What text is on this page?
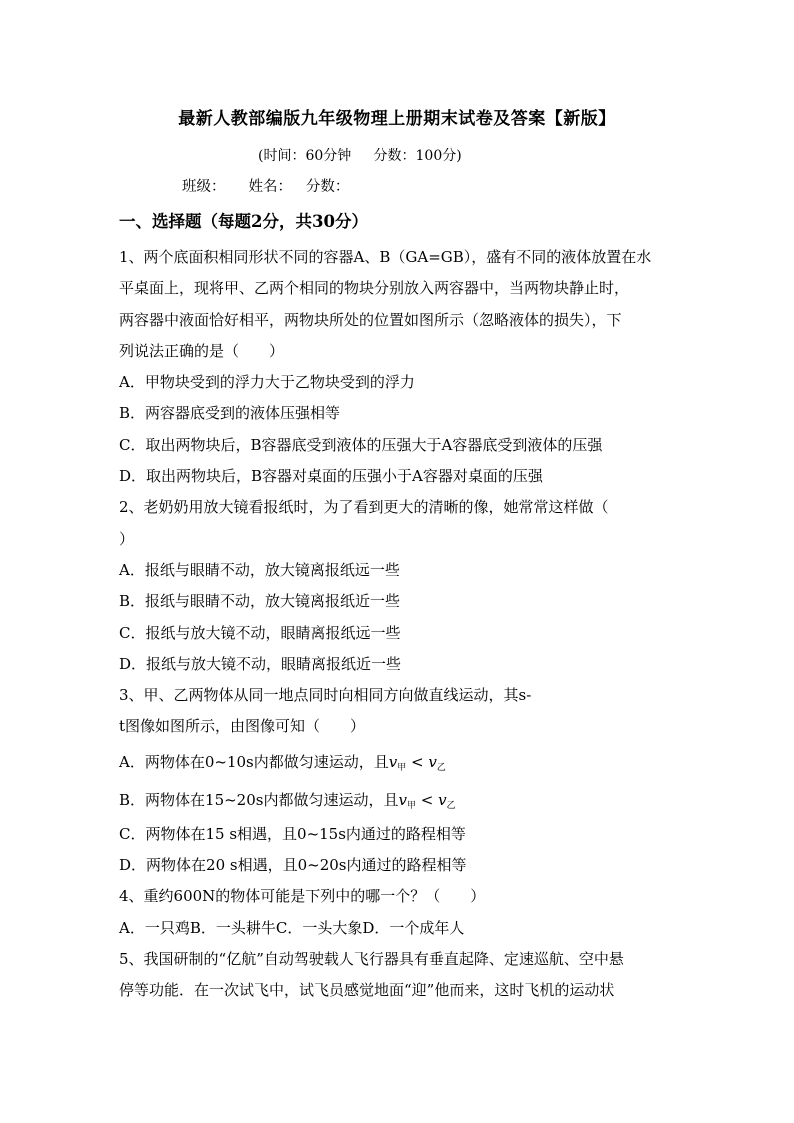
最新人教部编版九年级物理上册期末试卷及答案【新版】
(时间：60分钟     分数：100分)
班级：     姓名：   分数：
一、选择题（每题2分，共30分）
1、两个底面积相同形状不同的容器A、B（GA=GB），盛有不同的液体放置在水
平桌面上，现将甲、乙两个相同的物块分别放入两容器中，当两物块静止时，
两容器中液面恰好相平，两物块所处的位置如图所示（忽略液体的损失），下
列说法正确的是（　　）
A．甲物块受到的浮力大于乙物块受到的浮力
B．两容器底受到的液体压强相等
C．取出两物块后，B容器底受到液体的压强大于A容器底受到液体的压强
D．取出两物块后，B容器对桌面的压强小于A容器对桌面的压强
2、老奶奶用放大镜看报纸时，为了看到更大的清晰的像，她常常这样做（
）
A．报纸与眼睛不动，放大镜离报纸远一些
B．报纸与眼睛不动，放大镜离报纸近一些
C．报纸与放大镜不动，眼睛离报纸远一些
D．报纸与放大镜不动，眼睛离报纸近一些
3、甲、乙两物体从同一地点同时向相同方向做直线运动，其s-
t图像如图所示，由图像可知（　　）
A．两物体在0~10s内都做匀速运动，且$v_甲 < v_乙$
B．两物体在15~20s内都做匀速运动，且$v_甲 < v_乙$
C．两物体在15 s相遇，且0~15s内通过的路程相等
D．两物体在20 s相遇，且0~20s内通过的路程相等
4、重约600N的物体可能是下列中的哪一个？（　　）
A．一只鸡B．一头耕牛C．一头大象D．一个成年人
5、我国研制的“亿航”自动驾驶载人飞行器具有垂直起降、定速巡航、空中悬
停等功能．在一次试飞中，试飞员感觉地面“迎”他而来，这时飞机的运动状
